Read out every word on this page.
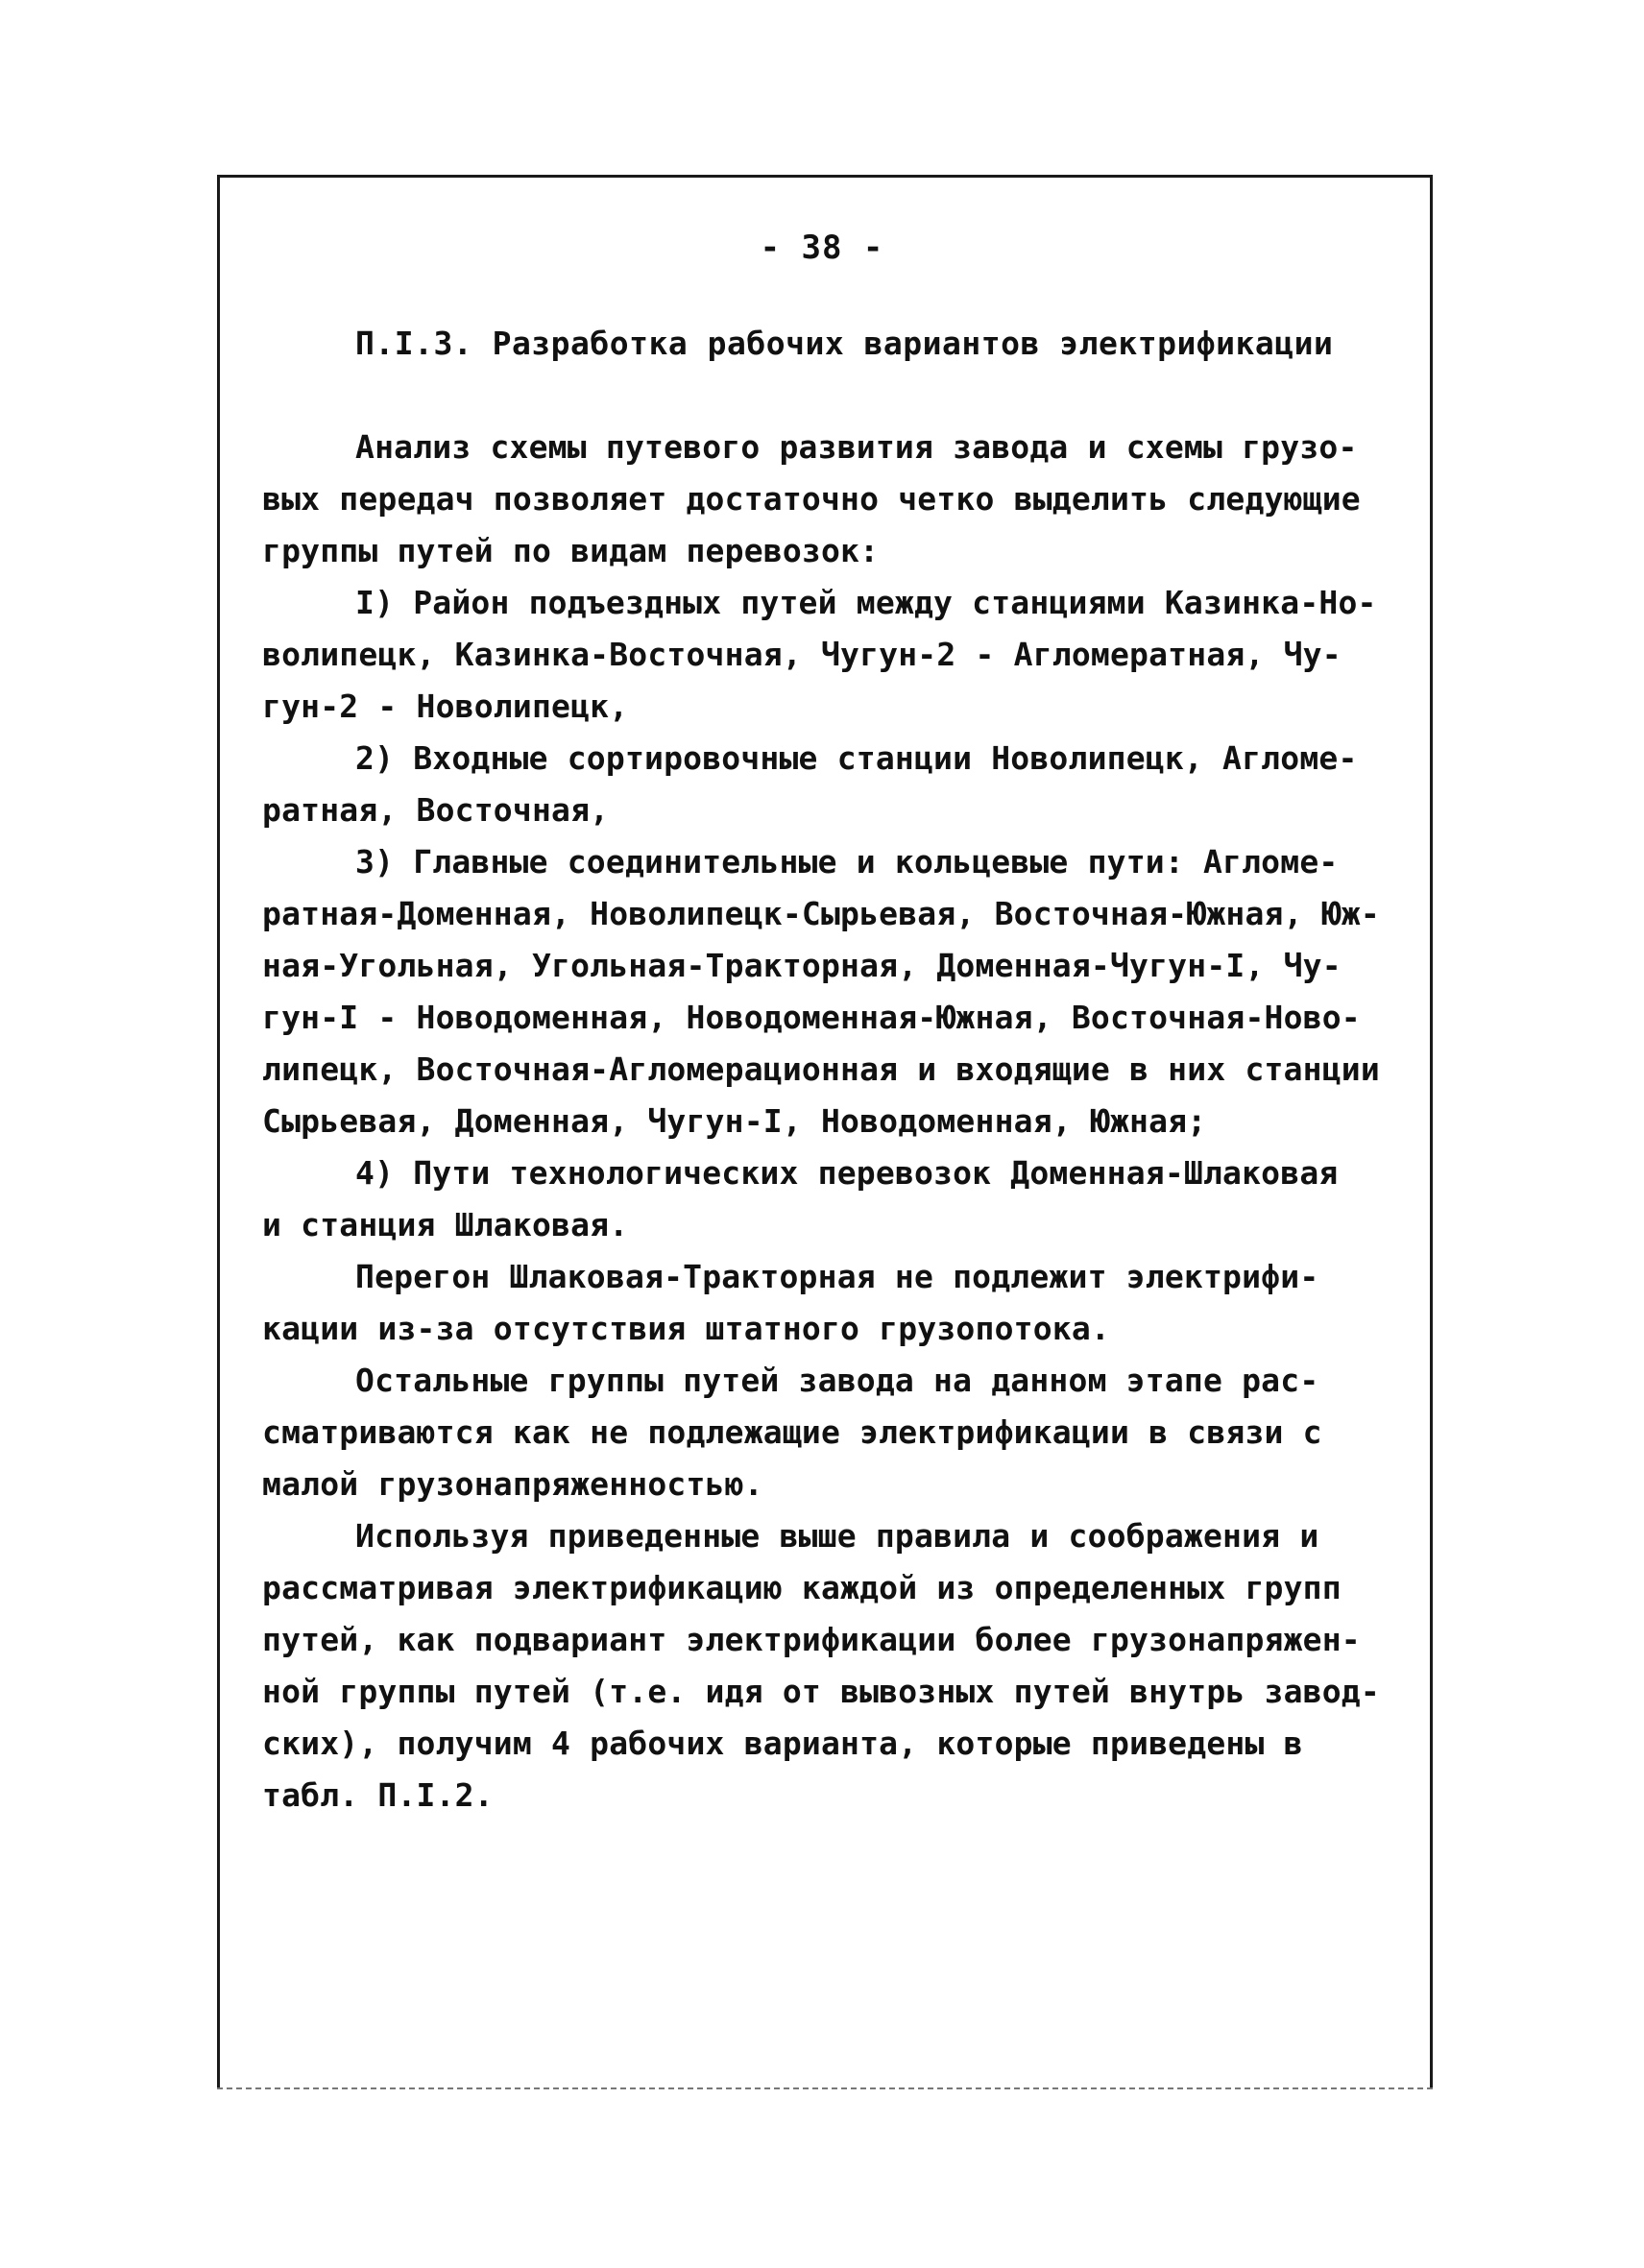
- 38 -
П.I.3. Разработка рабочих вариантов электрификации
Анализ схемы путевого развития завода и схемы грузо-
вых передач позволяет достаточно четко выделить следующие
группы путей по видам перевозок:
I) Район подъездных путей между станциями Казинка-Но-
волипецк, Казинка-Восточная, Чугун-2 - Агломератная, Чу-
гун-2 - Новолипецк,
2) Входные сортировочные станции Новолипецк, Агломе-
ратная, Восточная,
3) Главные соединительные и кольцевые пути: Агломе-
ратная-Доменная, Новолипецк-Сырьевая, Восточная-Южная, Юж-
ная-Угольная, Угольная-Тракторная, Доменная-Чугун-I, Чу-
гун-I - Новодоменная, Новодоменная-Южная, Восточная-Ново-
липецк, Восточная-Агломерационная и входящие в них станции
Сырьевая, Доменная, Чугун-I, Новодоменная, Южная;
4) Пути технологических перевозок Доменная-Шлаковая
и станция Шлаковая.
Перегон Шлаковая-Тракторная не подлежит электрифи-
кации из-за отсутствия штатного грузопотока.
Остальные группы путей завода на данном этапе рас-
сматриваются как не подлежащие электрификации в связи с
малой грузонапряженностью.
Используя приведенные выше правила и соображения и
рассматривая электрификацию каждой из определенных групп
путей, как подвариант электрификации более грузонапряжен-
ной группы путей (т.е. идя от вывозных путей внутрь завод-
ских), получим 4 рабочих варианта, которые приведены в
табл. П.I.2.
